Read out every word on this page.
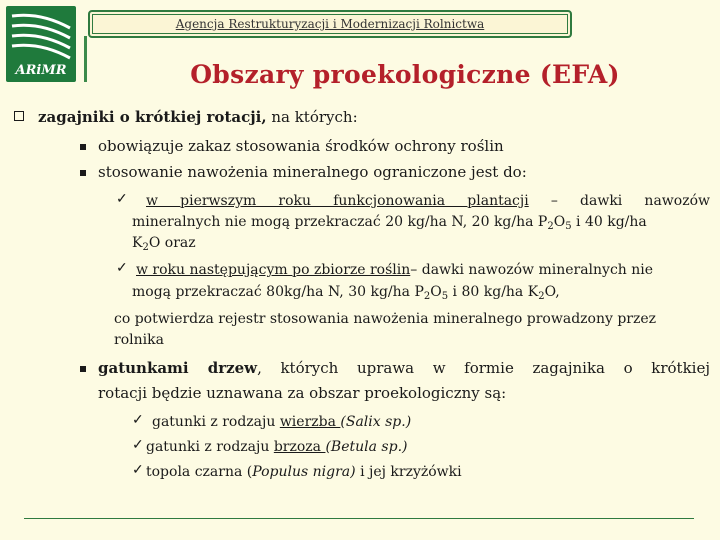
ARiMR
Agencja Restrukturyzacji i Modernizacji Rolnictwa
Obszary proekologiczne (EFA)
zagajniki o krótkiej rotacji, na których:
obowiązuje zakaz stosowania środków ochrony roślin
stosowanie nawożenia mineralnego ograniczone jest do:
✓ w pierwszym roku funkcjonowania plantacji – dawki nawozów
mineralnych nie mogą przekraczać 20 kg/ha N, 20 kg/ha $P_2O_5$ i 40 kg/ha
$K_2O$ oraz
✓ w roku następującym po zbiorze roślin– dawki nawozów mineralnych nie
mogą przekraczać 80kg/ha N, 30 kg/ha $P_2O_5$ i 80 kg/ha $K_2O$,
co potwierdza rejestr stosowania nawożenia mineralnego prowadzony przez
rolnika
gatunkami drzew, których uprawa w formie zagajnika o krótkiej
rotacji będzie uznawana za obszar proekologiczny są:
✓ gatunki z rodzaju wierzba (Salix sp.)
✓ gatunki z rodzaju brzoza (Betula sp.)
✓ topola czarna (Populus nigra) i jej krzyżówki
